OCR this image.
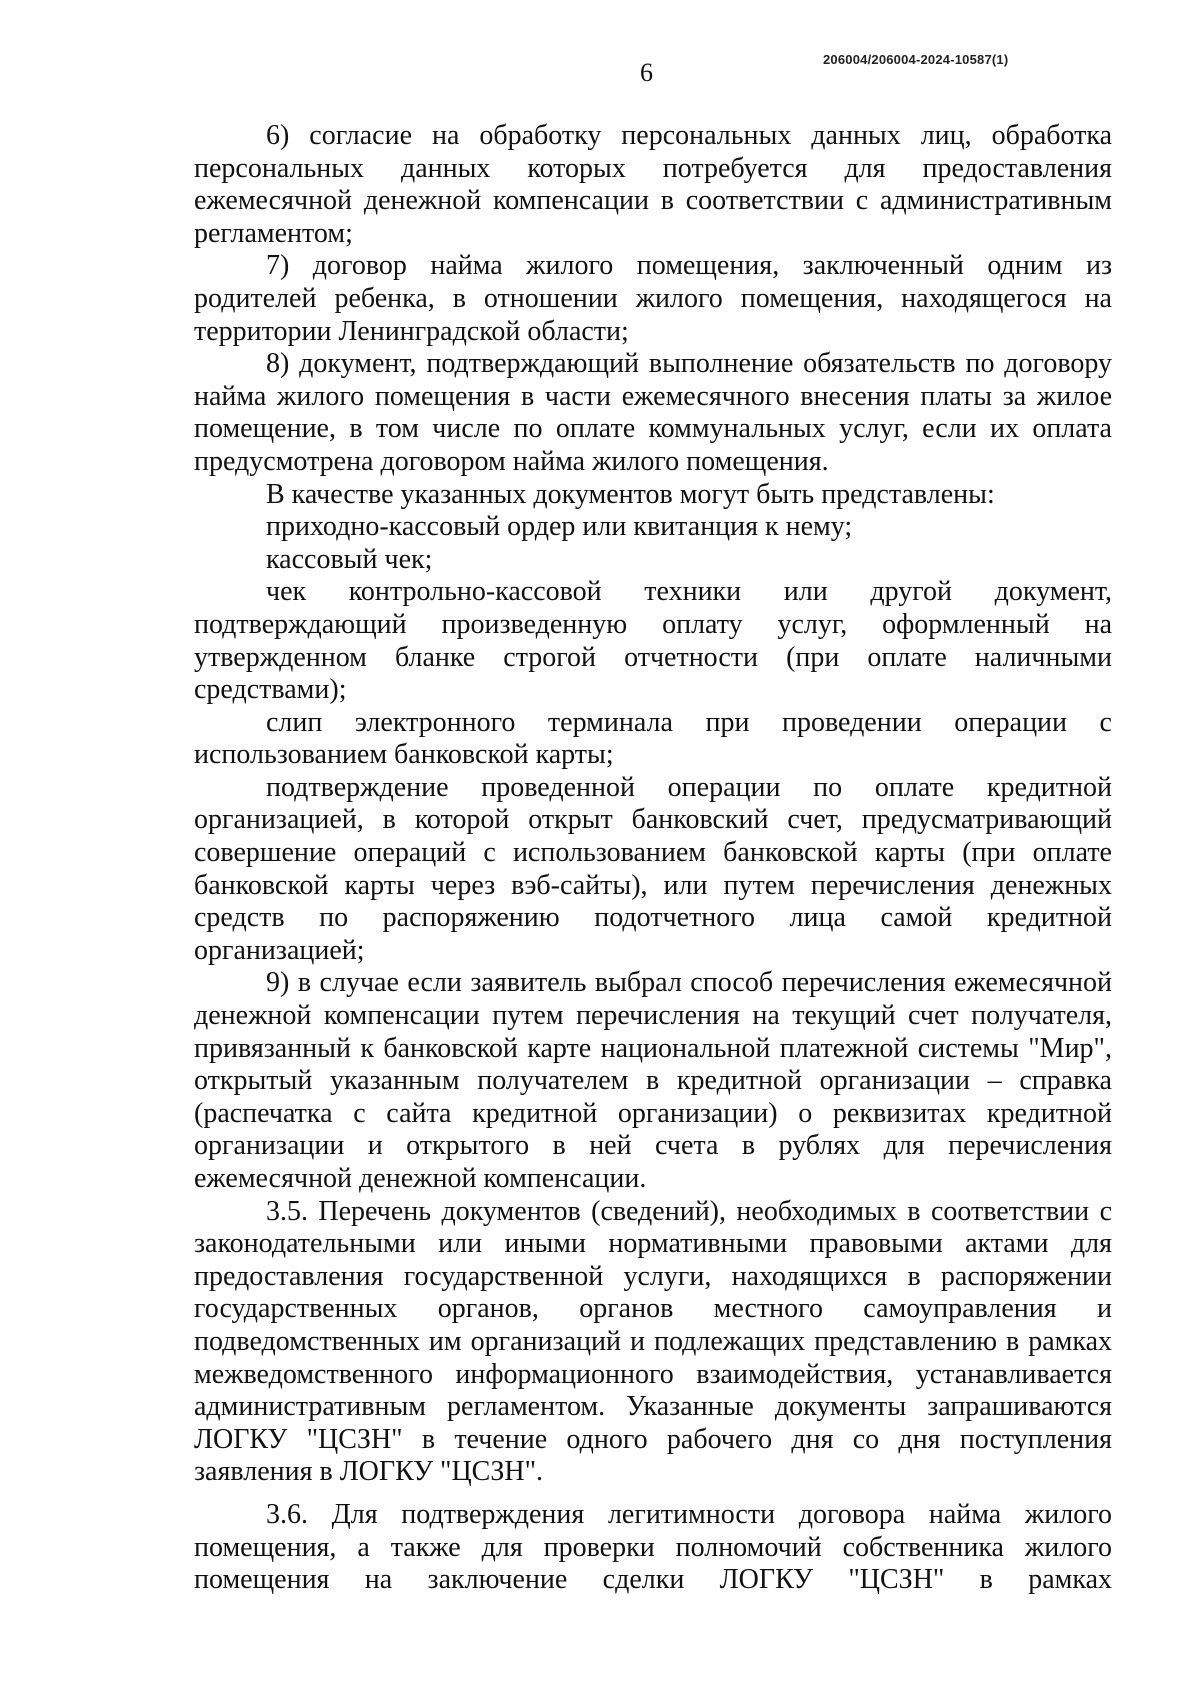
6	206004/206004-2024-10587(1)

6) согласие на обработку персональных данных лиц, обработка персональных данных которых потребуется для предоставления ежемесячной денежной компенсации в соответствии с административным регламентом;

7) договор найма жилого помещения, заключенный одним из родителей ребенка, в отношении жилого помещения, находящегося на территории Ленинградской области;

8) документ, подтверждающий выполнение обязательств по договору найма жилого помещения в части ежемесячного внесения платы за жилое помещение, в том числе по оплате коммунальных услуг, если их оплата предусмотрена договором найма жилого помещения.

В качестве указанных документов могут быть представлены:

приходно-кассовый ордер или квитанция к нему;

кассовый чек;

чек контрольно-кассовой техники или другой документ, подтверждающий произведенную оплату услуг, оформленный на утвержденном бланке строгой отчетности (при оплате наличными средствами);

слип электронного терминала при проведении операции с использованием банковской карты;

подтверждение проведенной операции по оплате кредитной организацией, в которой открыт банковский счет, предусматривающий совершение операций с использованием банковской карты (при оплате банковской карты через вэб-сайты), или путем перечисления денежных средств по распоряжению подотчетного лица самой кредитной организацией;

9) в случае если заявитель выбрал способ перечисления ежемесячной денежной компенсации путем перечисления на текущий счет получателя, привязанный к банковской карте национальной платежной системы "Мир", открытый указанным получателем в кредитной организации – справка (распечатка с сайта кредитной организации) о реквизитах кредитной организации и открытого в ней счета в рублях для перечисления ежемесячной денежной компенсации.

3.5. Перечень документов (сведений), необходимых в соответствии с законодательными или иными нормативными правовыми актами для предоставления государственной услуги, находящихся в распоряжении государственных органов, органов местного самоуправления и подведомственных им организаций и подлежащих представлению в рамках межведомственного информационного взаимодействия, устанавливается административным регламентом. Указанные документы запрашиваются ЛОГКУ "ЦСЗН" в течение одного рабочего дня со дня поступления заявления в ЛОГКУ "ЦСЗН".

3.6. Для подтверждения легитимности договора найма жилого помещения, а также для проверки полномочий собственника жилого помещения на заключение сделки ЛОГКУ "ЦСЗН" в рамках
